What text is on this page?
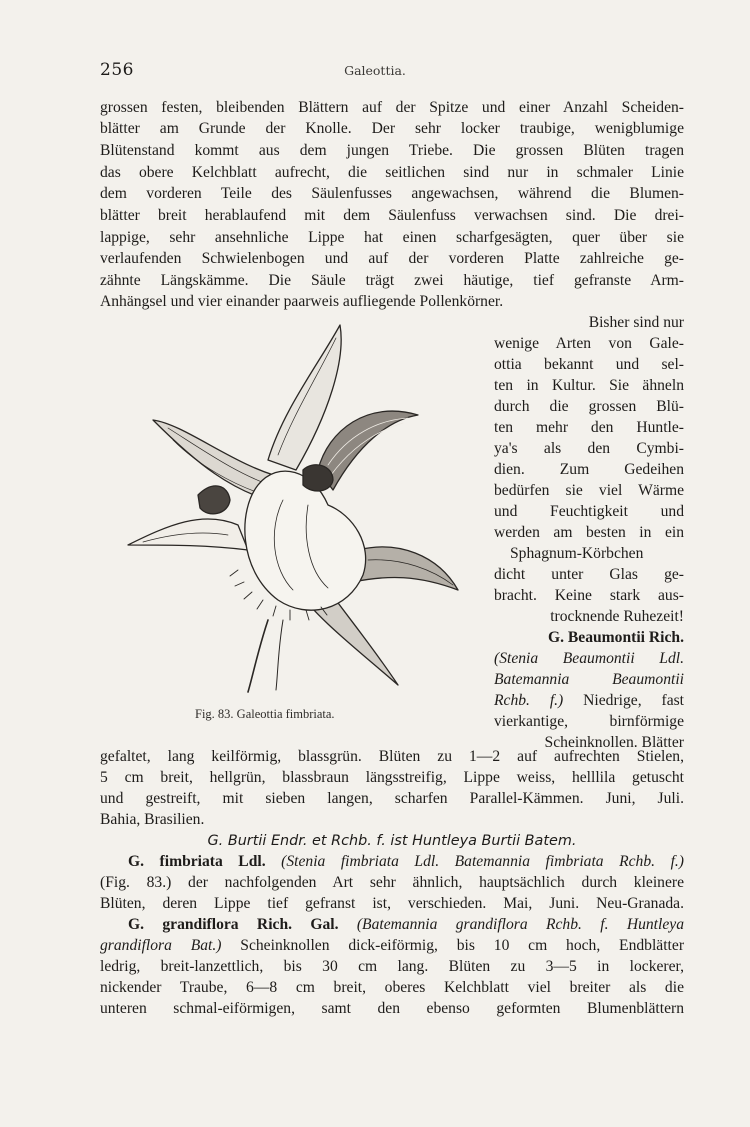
256	Galeottia.
grossen festen, bleibenden Blättern auf der Spitze und einer Anzahl Scheiden-
blätter am Grunde der Knolle. Der sehr locker traubige, wenigblumige
Blütenstand kommt aus dem jungen Triebe. Die grossen Blüten tragen
das obere Kelchblatt aufrecht, die seitlichen sind nur in schmaler Linie
dem vorderen Teile des Säulenfusses angewachsen, während die Blumen-
blätter breit herablaufend mit dem Säulenfuss verwachsen sind. Die drei-
lappige, sehr ansehnliche Lippe hat einen scharfgesägten, quer über sie
verlaufenden Schwielenbogen und auf der vorderen Platte zahlreiche ge-
zähnte Längskämme. Die Säule trägt zwei häutige, tief gefranste Arm-
Anhängsel und vier einander paarweis aufliegende Pollenkörner.
Bisher sind nur
wenige Arten von Gale-
ottia bekannt und sel-
ten in Kultur. Sie ähneln
durch die grossen Blü-
ten mehr den Huntle-
ya's als den Cymbi-
dien. Zum Gedeihen
bedürfen sie viel Wärme
und Feuchtigkeit und
werden am besten in ein
Sphagnum-Körbchen
dicht unter Glas ge-
bracht. Keine stark aus-
trocknende Ruhezeit!
G. Beaumontii Rich.
(Stenia Beaumontii Ldl.
Batemannia Beaumontii
Rchb. f.) Niedrige, fast
vierkantige, birnförmige
Scheinknollen. Blätter
Fig. 83. Galeottia fimbriata.
gefaltet, lang keilförmig, blassgrün. Blüten zu 1—2 auf aufrechten Stielen,
5 cm breit, hellgrün, blassbraun längsstreifig, Lippe weiss, helllila getuscht
und gestreift, mit sieben langen, scharfen Parallel-Kämmen. Juni, Juli.
Bahia, Brasilien.
G. Burtii Endr. et Rchb. f. ist Huntleya Burtii Batem.
G. fimbriata Ldl. (Stenia fimbriata Ldl. Batemannia fimbriata Rchb. f.)
(Fig. 83.) der nachfolgenden Art sehr ähnlich, hauptsächlich durch kleinere
Blüten, deren Lippe tief gefranst ist, verschieden. Mai, Juni. Neu-Granada.
G. grandiflora Rich. Gal. (Batemannia grandiflora Rchb. f. Huntleya
grandiflora Bat.) Scheinknollen dick-eiförmig, bis 10 cm hoch, Endblätter
ledrig, breit-lanzettlich, bis 30 cm lang. Blüten zu 3—5 in lockerer,
nickender Traube, 6—8 cm breit, oberes Kelchblatt viel breiter als die
unteren schmal-eiförmigen, samt den ebenso geformten Blumenblättern
